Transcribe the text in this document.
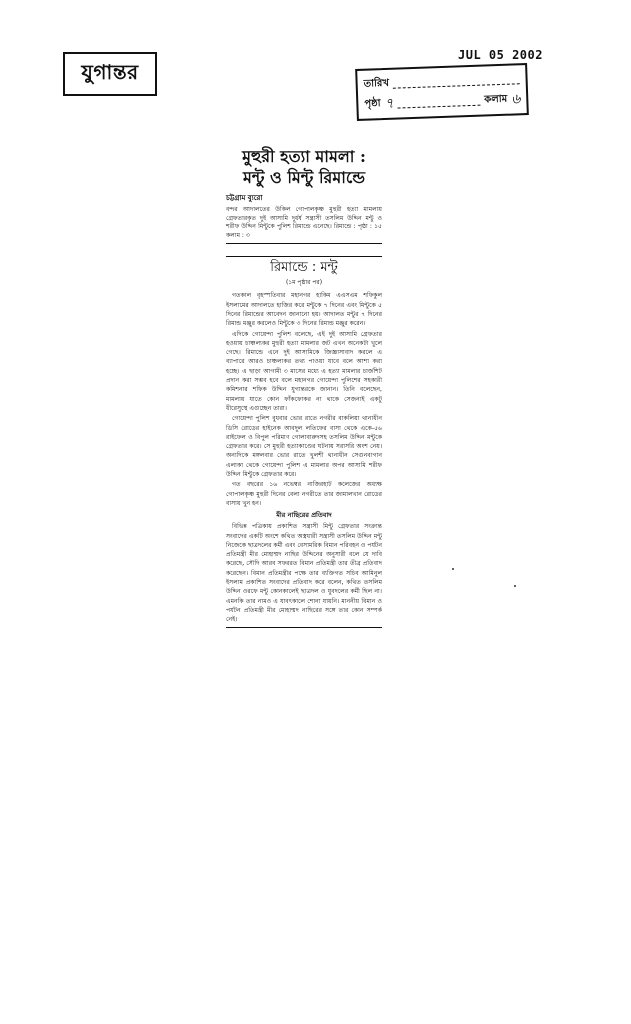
যুগান্তর
JUL 05 2002
তারিখ
পৃষ্ঠা ৭	কলাম ৬
মুহুরী হত্যা মামলা :
মন্টু ও মিন্টু রিমান্ডে
চট্টগ্রাম ব্যুরো
বন্দর আদালতের উকিল গোপালকৃষ্ণ মুহুরী হত্যা মামলায় গ্রেফতারকৃত দুই আসামি দুর্ধর্ষ সন্ত্রাসী তসলিম উদ্দিন মন্টু ও শরীফ উদ্দিন মিন্টুকে পুলিশ রিমান্ডে এনেছে। রিমান্ডে : পৃষ্ঠা : ১৫ কলাম : ৩
রিমান্ডে : মন্টু
(১ম পৃষ্ঠার পর)

গতকাল বৃহস্পতিবার মহানগর হাকিম এএসএম শফিকুল ইসলামের আদালতে হাজির করে মন্টুকে ৭ দিনের এবং মিন্টুকে ৫ দিনের রিমান্ডের আবেদন জানানো হয়। আদালত মন্টুর ৭ দিনের রিমান্ড মঞ্জুর করলেও মিন্টুকে ৩ দিনের রিমান্ড মঞ্জুর করেন।

এদিকে গোয়েন্দা পুলিশ বলেছে, এই দুই আসামি গ্রেফতার হওয়ায় চাঞ্চল্যকর মুহুরী হত্যা মামলার জট এখন অনেকটা খুলে গেছে। রিমান্ডে এনে দুই আসামিকে জিজ্ঞাসাবাদ করলে এ ব্যাপারে আরও চাঞ্চল্যকর তথ্য পাওয়া যাবে বলে আশা করা হচ্ছে। এ ছাড়া আগামী ৩ মাসের মধ্যে এ হত্যা মামলার চার্জশিট প্রদান করা সম্ভব হবে বলে মহানগর গোয়েন্দা পুলিশের সহকারী কমিশনার শফিক উদ্দিন যুগান্তরকে জানান। তিনি বলেছেন, মামলায় যাতে কোন ফাঁকফোকর না থাকে সেজন্যই একটু ধীরেসুস্থে এগুচ্ছেন তারা।

গোয়েন্দা পুলিশ বুধবার ভোর রাতে নগরীর বাকলিয়া থানাধীন ডিসি রোডের হাইনেক আবদুল লতিফের বাসা থেকে একে-৫৬ রাইফেল ও বিপুল পরিমাণ গোলাবারুদসহ তসলিম উদ্দিন মন্টুকে গ্রেফতার করে। সে মুহুরী হত্যাকাণ্ডের ঘটনায় সরাসরি অংশ নেয়। অন্যদিকে মঙ্গলবার ভোর রাতে খুলশী থানাধীন সেগুনবাগান এলাকা থেকে গোয়েন্দা পুলিশ এ মামলার অপর আসামি শরীফ উদ্দিন মিন্টুকে গ্রেফতার করে।

গত বছরের ১৬ নভেম্বর নাজিরহাট কলেজের অধ্যক্ষ গোপালকৃষ্ণ মুহুরী দিনের বেলা নগরীতে তার জামালখান রোডের বাসায় খুন হন।

মীর নাছিরের প্রতিবাদ

বিভিন্ন পত্রিকায় প্রকাশিত সন্ত্রাসী মিন্টু গ্রেফতার সংক্রান্ত সংবাদের একটি অংশে কথিত অস্ত্রধারী সন্ত্রাসী তসলিম উদ্দিন মন্টু নিজেকে ছাত্রদলের কর্মী এবং বেসামরিক বিমান পরিবহন ও পর্যটন প্রতিমন্ত্রী মীর মোহাম্মদ নাছির উদ্দিনের অনুসারী বলে যে দাবি করেছে, সৌদি আরব সফররত বিমান প্রতিমন্ত্রী তার তীব্র প্রতিবাদ করেছেন। বিমান প্রতিমন্ত্রীর পক্ষে তার ব্যক্তিগত সচিব আমিনুল ইসলাম প্রকাশিত সংবাদের প্রতিবাদ করে বলেন, কথিত তসলিম উদ্দিন ওরফে মন্টু কোনকালেই ছাত্রদল ও যুবদলের কর্মী ছিল না। এমনকি তার নামও এ যাবৎকালে শোনা যায়নি। মাননীয় বিমান ও পর্যটন প্রতিমন্ত্রী মীর মোহাম্মদ নাছিরের সঙ্গে তার কোন সম্পর্ক নেই।
